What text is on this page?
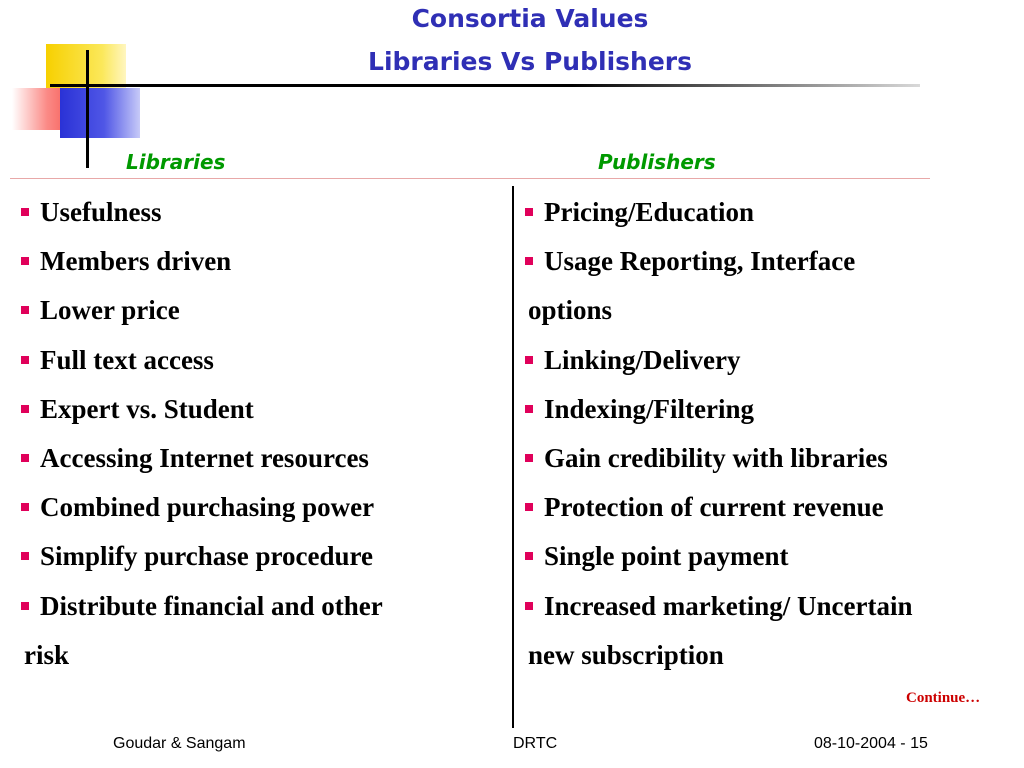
Consortia Values
Libraries Vs Publishers
Libraries	Publishers
Usefulness
Members driven
Lower price
Full text access
Expert vs. Student
Accessing Internet resources
Combined purchasing power
Simplify purchase procedure
Distribute financial and other
risk
Pricing/Education
Usage Reporting, Interface
options
Linking/Delivery
Indexing/Filtering
Gain credibility with libraries
Protection of current revenue
Single point payment
Increased marketing/ Uncertain
new subscription
Continue…
Goudar & Sangam	DRTC	08-10-2004 - 15
